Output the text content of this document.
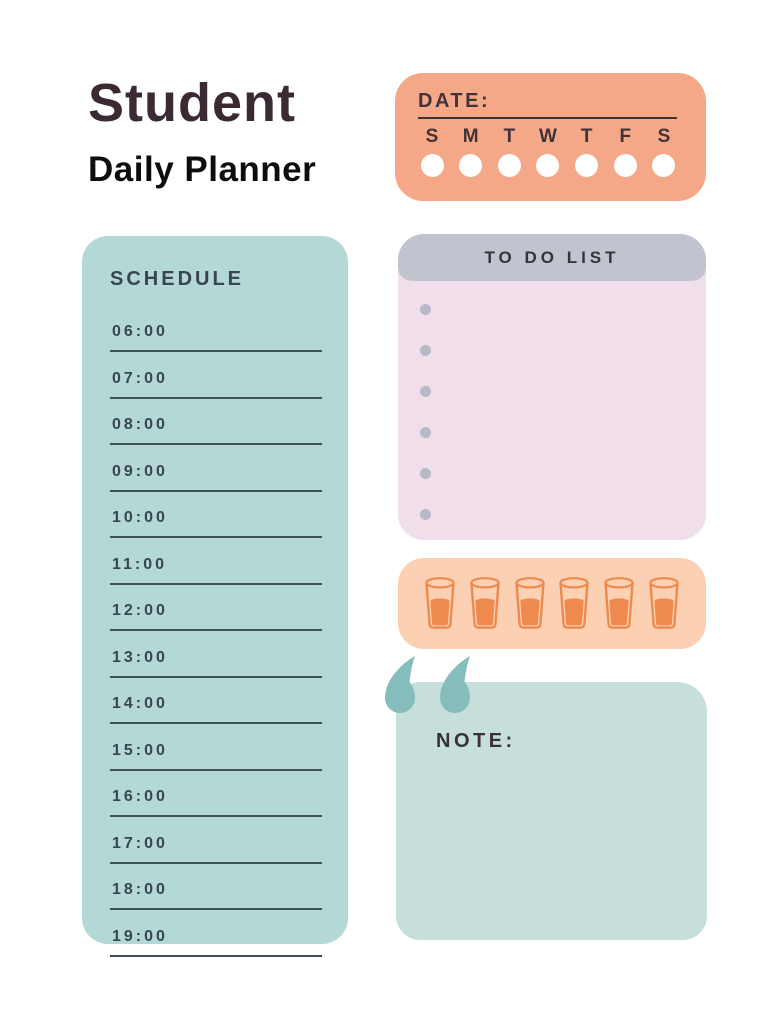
Student
Daily Planner
DATE:
S M T W T F S
SCHEDULE
06:00
07:00
08:00
09:00
10:00
11:00
12:00
13:00
14:00
15:00
16:00
17:00
18:00
19:00
TO DO LIST
NOTE:
